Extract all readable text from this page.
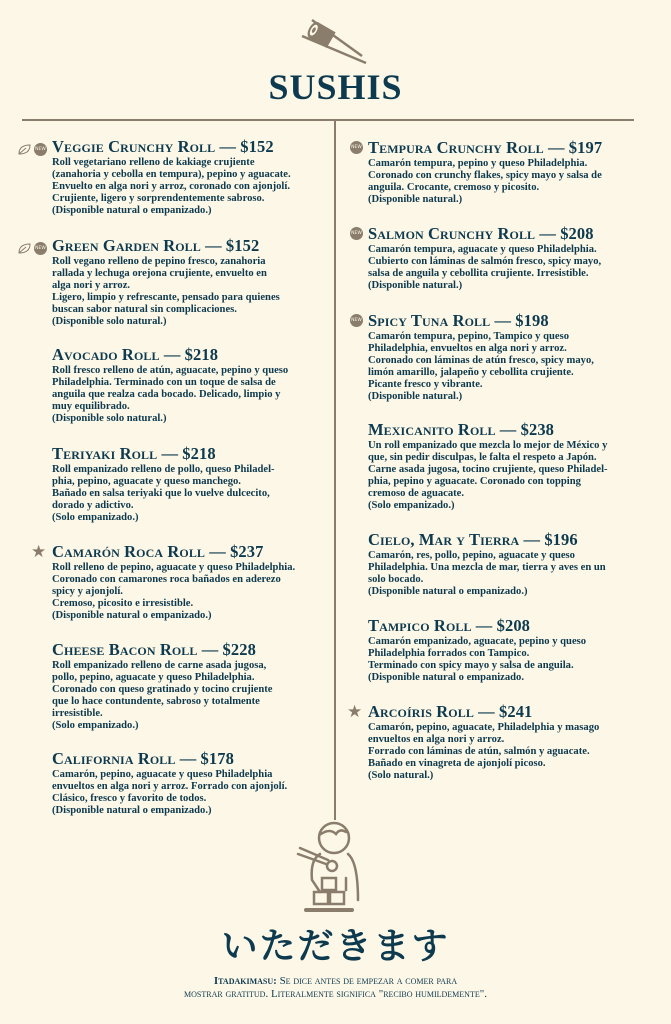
SUSHIS
NEW Veggie Crunchy Roll — $152

Roll vegetariano relleno de kakiage crujiente
(zanahoria y cebolla en tempura), pepino y aguacate.
Envuelto en alga nori y arroz, coronado con ajonjolí.
Crujiente, ligero y sorprendentemente sabroso.
(Disponible natural o empanizado.)

NEW Green Garden Roll — $152

Roll vegano relleno de pepino fresco, zanahoria
rallada y lechuga orejona crujiente, envuelto en
alga nori y arroz.
Ligero, limpio y refrescante, pensado para quienes
buscan sabor natural sin complicaciones.
(Disponible solo natural.)

Avocado Roll — $218

Roll fresco relleno de atún, aguacate, pepino y queso
Philadelphia. Terminado con un toque de salsa de
anguila que realza cada bocado. Delicado, limpio y
muy equilibrado.
(Disponible solo natural.)

Teriyaki Roll — $218

Roll empanizado relleno de pollo, queso Philadel-
phia, pepino, aguacate y queso manchego.
Bañado en salsa teriyaki que lo vuelve dulcecito,
dorado y adictivo.
(Solo empanizado.)

★ Camarón Roca Roll — $237

Roll relleno de pepino, aguacate y queso Philadelphia.
Coronado con camarones roca bañados en aderezo
spicy y ajonjolí.
Cremoso, picosito e irresistible.
(Disponible natural o empanizado.)

Cheese Bacon Roll — $228

Roll empanizado relleno de carne asada jugosa,
pollo, pepino, aguacate y queso Philadelphia.
Coronado con queso gratinado y tocino crujiente
que lo hace contundente, sabroso y totalmente
irresistible.
(Solo empanizado.)

California Roll — $178

Camarón, pepino, aguacate y queso Philadelphia
envueltos en alga nori y arroz. Forrado con ajonjolí.
Clásico, fresco y favorito de todos.
(Disponible natural o empanizado.)

NEW Tempura Crunchy Roll — $197

Camarón tempura, pepino y queso Philadelphia.
Coronado con crunchy flakes, spicy mayo y salsa de
anguila. Crocante, cremoso y picosito.
(Disponible natural.)

NEW Salmon Crunchy Roll — $208

Camarón tempura, aguacate y queso Philadelphia.
Cubierto con láminas de salmón fresco, spicy mayo,
salsa de anguila y cebollita crujiente. Irresistible.
(Disponible natural.)

NEW Spicy Tuna Roll — $198

Camarón tempura, pepino, Tampico y queso
Philadelphia, envueltos en alga nori y arroz.
Coronado con láminas de atún fresco, spicy mayo,
limón amarillo, jalapeño y cebollita crujiente.
Picante fresco y vibrante.
(Disponible natural.)

Mexicanito Roll — $238

Un roll empanizado que mezcla lo mejor de México y
que, sin pedir disculpas, le falta el respeto a Japón.
Carne asada jugosa, tocino crujiente, queso Philadel-
phia, pepino y aguacate. Coronado con topping
cremoso de aguacate.
(Solo empanizado.)

Cielo, Mar y Tierra — $196

Camarón, res, pollo, pepino, aguacate y queso
Philadelphia. Una mezcla de mar, tierra y aves en un
solo bocado.
(Disponible natural o empanizado.)

Tampico Roll — $208

Camarón empanizado, aguacate, pepino y queso
Philadelphia forrados con Tampico.
Terminado con spicy mayo y salsa de anguila.
(Disponible natural o empanizado.

★ Arcoíris Roll — $241

Camarón, pepino, aguacate, Philadelphia y masago
envueltos en alga nori y arroz.
Forrado con láminas de atún, salmón y aguacate.
Bañado en vinagreta de ajonjolí picoso.
(Solo natural.)

いただきます
Itadakimasu: Se dice antes de empezar a comer para
mostrar gratitud. Literalmente significa "recibo humildemente".
